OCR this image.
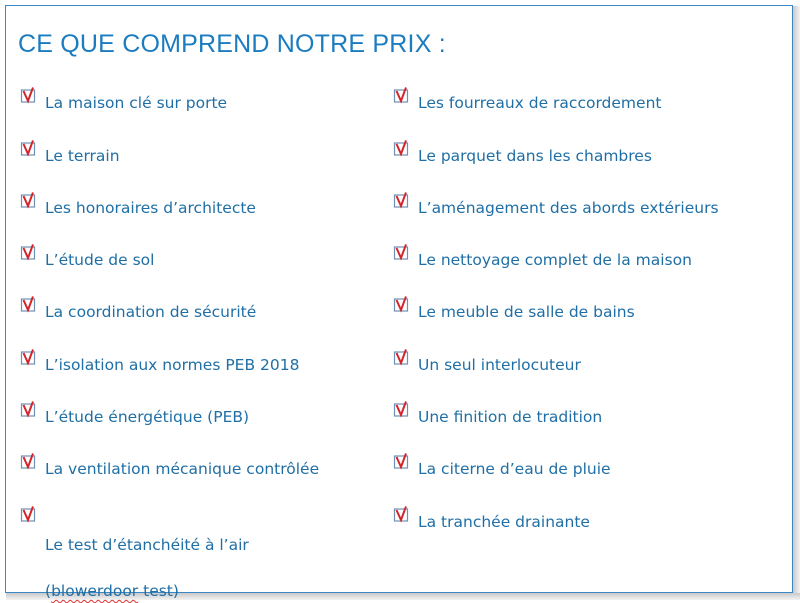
CE QUE COMPREND NOTRE PRIX :
La maison clé sur porte
Le terrain
Les honoraires d’architecte
L’étude de sol
La coordination de sécurité
L’isolation aux normes PEB 2018
L’étude énergétique (PEB)
La ventilation mécanique contrôlée

Le test d’étanchéité à l’air

(blowerdoor test)

Les fourreaux de raccordement
Le parquet dans les chambres
L’aménagement des abords extérieurs
Le nettoyage complet de la maison
Le meuble de salle de bains
Un seul interlocuteur
Une finition de tradition
La citerne d’eau de pluie
La tranchée drainante
